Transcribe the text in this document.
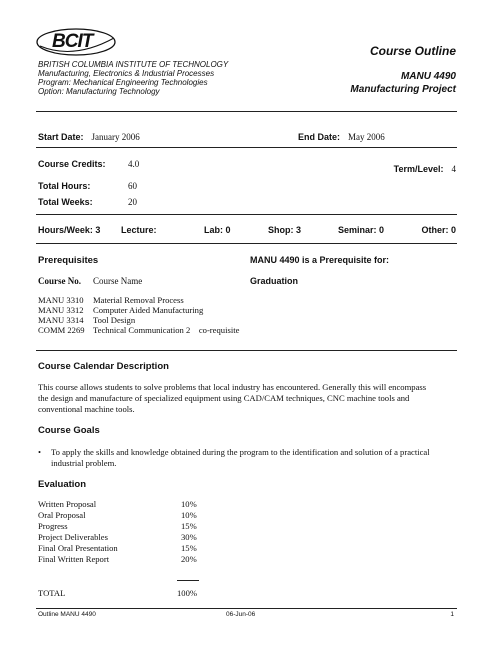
BCIT
BRITISH COLUMBIA INSTITUTE OF TECHNOLOGY
Manufacturing, Electronics & Industrial Processes
Program: Mechanical Engineering Technologies
Option: Manufacturing Technology
Course Outline
MANU 4490
Manufacturing Project
Start Date: January 2006	End Date: May 2006
Course Credits: 4.0	Term/Level: 4
Total Hours:	60
Total Weeks:	20
Hours/Week: 3 Lecture:	Lab: 0	Shop: 3	Seminar: 0	Other: 0
Prerequisites	MANU 4490 is a Prerequisite for:
Course No. Course Name	Graduation
MANU 3310 Material Removal Process
MANU 3312 Computer Aided Manufacturing
MANU 3314 Tool Design
COMM 2269 Technical Communication 2    co-requisite
Course Calendar Description
This course allows students to solve problems that local industry has encountered. Generally this will encompass
the design and manufacture of specialized equipment using CAD/CAM techniques, CNC machine tools and
conventional machine tools.
Course Goals
• To apply the skills and knowledge obtained during the program to the identification and solution of a practical
industrial problem.
Evaluation
Written Proposal	10%
Oral Proposal	10%
Progress	15%
Project Deliverables	30%
Final Oral Presentation	15%
Final Written Report	20%
TOTAL	100%
Outline MANU 4490	06-Jun-06	1
